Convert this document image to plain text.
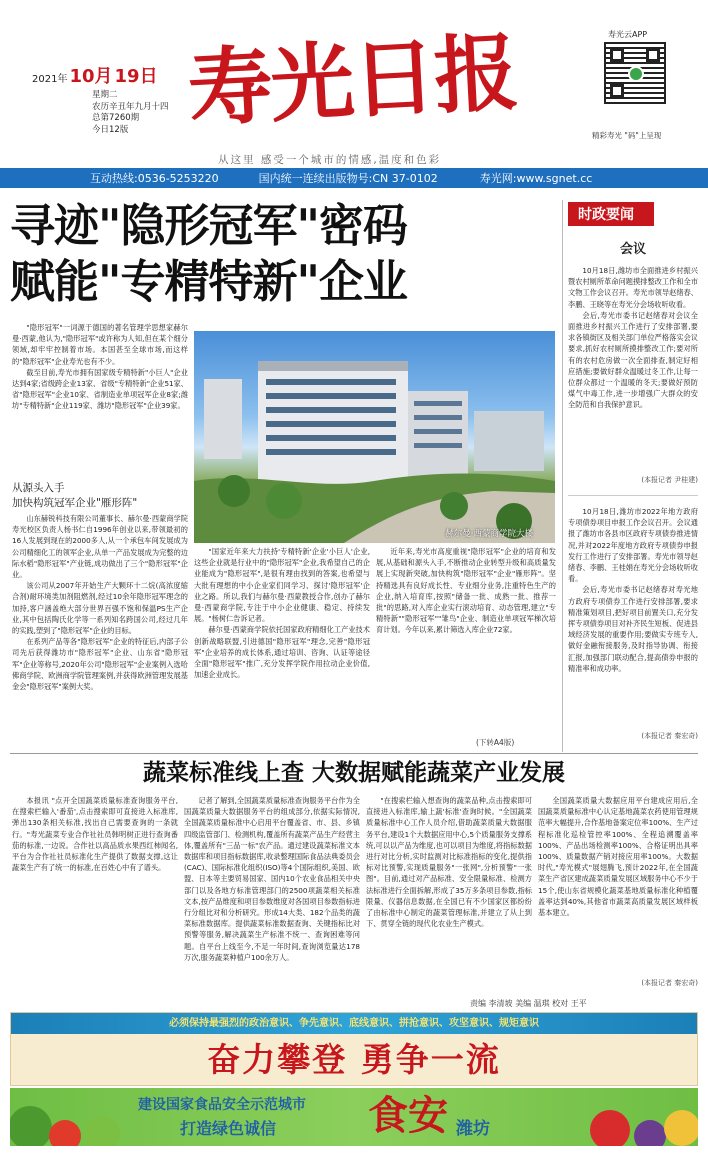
2021年 10月 19日
星期二
农历辛丑年九月十四
总第7260期
今日12版 寿光日报
从这里 感受一个城市的情感,温度和色彩
寿光云APP
精彩寿光 "码"上呈现
互动热线:0536-5253220	国内统一连续出版物号:CN 37-0102	寿光网:www.sgnet.cc
寻迹"隐形冠军"密码
赋能"专精特新"企业

"隐形冠军"一词源于德国的著名管理学思想家赫尔曼·西蒙,他认为,"隐形冠军"或许称为人知,但在某个细分领域,却牢牢控制着市场。本国甚至全球市场,而这样的"隐形冠军"企业寿光也有不少。

截至目前,寿光市拥有国家级专精特新"小巨人"企业达到4家;省级跨企业13家、省级"专精特新"企业51家、省"隐形冠军"企业10家、省制造业单项冠军企业8家;潍坊"专精特新"企业119家、潍坊"隐形冠军"企业39家。

从源头入手
加快构筑冠军企业"雁形阵"

山东赫锐科技有限公司董事长、赫尔曼·西蒙商学院寿光校区负责人杨书仁自1996年创业以来,带领最初的16人发展到现在的2000多人,从一个承包车间发展成为公司精细化工的领军企业,从单一产品发展成为完整的边际水稻"隐形冠军"产业链,成功做出了三个"隐形冠军"企业。

该公司从2007年开始生产大颗环十二烷(高浓度缩合剂)耐环境类加剂阻燃剂,经过10余年隐形冠军理念的加持,客户涵盖绝大部分世界百强不饱和保温PS生产企业,其中包括陶氏化学等一系列知名跨国公司,经过几年的实践,塑到了"隐形冠军"企业的目标。

在系列产品等各"隐形冠军"企业的特征后,内部子公司先后获得潍坊市"隐形冠军"企业、山东省"隐形冠军"企业等称号,2020年公司"隐形冠军"企业案例入选哈佛商学院、欧洲商学院管理案例,并获得欧洲管理发展基金会"隐形冠军"案例大奖。

赫尔曼·西蒙商学院大楼

"国家近年来大力扶持'专精特新'企业'小巨人'企业,这些企业就是行业中的"隐形冠军"企业,我希望自己的企业能成为"隐形冠军",是很有理由找到的答案,也希望与大批有理想的中小企业家们同学习、探讨'隐形冠军'企业之路。所以,我们与赫尔曼·西蒙教授合作,创办了赫尔曼·西蒙商学院,专注于中小企业健康、稳定、持续发展。"杨树仁告诉记者。

赫尔曼·西蒙商学院依托国家政府精细化工产业技术创新战略联盟,引进德国"隐形冠军"理念,完善"隐形冠军"企业培养的成长体系,通过培训、咨询、认证等途径全面"隐形冠军"推广,充分发挥学院作用拉动企业价值,加速企业成长。

近年来,寿光市高度重视"隐形冠军"企业的培育和发展,从基础和源头入手,不断推动企业转型升级和高质量发展上实现新突破,加快构筑"隐形冠军"企业"雁形阵"。坚持精选具有良好成长性、专业细分业务,注重特色生产的企业,纳入培育库,按照"储备一批、成熟一批、推荐一批"的思路,对入库企业实行滚动培育、动态管理,建立"专精特新""隐形冠军""雏鸟"企业、制造业单项冠军梯次培育计划。今年以来,累计筛选入库企业72家。

(下转A4版)
时政要闻
会议

10月18日,潍坊市全面推进乡村振兴暨农村厕所革命问题摸排整改工作和全市文物工作会议召开。寿光市领导赵绪春、李鹏、王晓等在寿光分会场收听收看。

会后,寿光市委书记赵绪春对会议全面推进乡村振兴工作进行了安排部署,要求各镇街区及相关部门单位严格落实会议要求,抓好农村厕所摸排整改工作;要对所有的农村危房做一次全面排查,制定好相应措施;要做好群众温暖过冬工作,让每一位群众都过一个温暖的冬天;要做好预防煤气中毒工作,进一步增强广大群众的安全防范和自我保护意识。

(本报记者 尹桂建)

10月18日,潍坊市2022年地方政府专项债券项目申报工作会议召开。会议通报了潍坊市各县市区政府专项债券推进情况,并对2022年度地方政府专项债券申报发行工作进行了安排部署。寿光市领导赵绪春、李鹏、王桂娟在寿光分会场收听收看。

会后,寿光市委书记赵绪春对寿光地方政府专项债券工作进行安排部署,要求精准策划项目,把好项目前置关口,充分发挥专项债券项目对补齐民生短板、促进县域经济发展的重要作用;要做实专班专人,做好金融衔接服务,及时指导协调、衔接汇报,加强部门联动配合,提高债券申报的精准率和成功率。

(本报记者 秦宏奇)
蔬菜标准线上查 大数据赋能蔬菜产业发展

本报讯 "点开全国蔬菜质量标准查询服务平台,在搜索栏输入'番茄',点击搜索即可直接进入标准库,弹出130条相关标准,找出自己需要查询的一条就行。"寿光蔬菜专业合作社社员韩明树正进行查询番茄的标准,一边说。合作社以高品质水果西红柿闻名,平台为合作社社员标准化生产提供了数据支撑,这让蔬菜生产有了统一的标准,在百姓心中有了谱头。

记者了解到,全国蔬菜质量标准查询服务平台作为全国蔬菜质量大数据服务平台的组成部分,依据实际情况,全国蔬菜质量标准中心启用平台覆盖省、市、县、乡镇四级监管部门、检测机构,覆盖所有蔬菜产品生产经营主体,覆盖所有"三品一标"农产品。通过建设蔬菜标准文本数据库和项目指标数据库,收录整理国际食品法典委员会(CAC)、国际标准化组织(ISO)等4个国际组织,美国、欧盟、日本等主要贸易国家、国内10个农业食品相关中央部门以及各地方标准管理部门的2500项蔬菜相关标准文本,按产品维度和项目参数维度对各国项目参数指标进行分组比对和分析研究。形成14大类、182个品类的蔬菜标准数据库。提供蔬菜标准数据查询、关键指标比对预警等服务,解决蔬菜生产标准不统一、查询困难等问题。自平台上线至今,不足一年时间,查询浏览量达178万次,服务蔬菜种植户100余万人。

"在搜索栏输入想查询的蔬菜品种,点击搜索即可直接进入标准库,输上蔬'标准'查询时候。"全国蔬菜质量标准中心工作人员介绍,借助蔬菜质量大数据服务平台,建设1个大数据应用中心,5个质量服务支撑系统,可以以产品为维度,也可以项目为维度,将指标数据进行对比分析,实时监测对比标准指标的变化,提供指标对比预警,实现质量服务"一张网",分析预警"一张图"。目前,通过对产品标准、安全限量标准、检测方法标准进行全面拆解,形成了35万多条项目参数,指标限量、仪器信息数据,在全国已有不少国家区都纷纷了由标准中心制定的蔬菜管理标准,并建立了从上到下、贯穿全链的现代化农业生产模式。

全国蔬菜质量大数据应用平台建成应用后,全国蔬菜质量标准中心认定基地蔬菜农药使用管理规范率大幅提升,合作基地备案定位率100%、生产过程标准化巡检管控率100%、全程追溯覆盖率100%、产品出场检测率100%、合格证明出具率100%、质量数据产销对接应用率100%。大数据时代,"寿光模式"展翅腾飞,预计2022年,在全国蔬菜生产省区建成蔬菜质量发展区域服务中心不少于15个,使山东省规模化蔬菜基地质量标准化种植覆盖率达到40%,其他省市蔬菜高质量发展区域样板基本建立。

(本报记者 秦宏奇)
责编 李清坡 美编 温琪 校对 王平
必须保持最强烈的政治意识、争先意识、底线意识、拼抢意识、攻坚意识、规矩意识
奋力攀登 勇争一流
建设国家食品安全示范城市
打造绿色诚信 食安 潍坊
